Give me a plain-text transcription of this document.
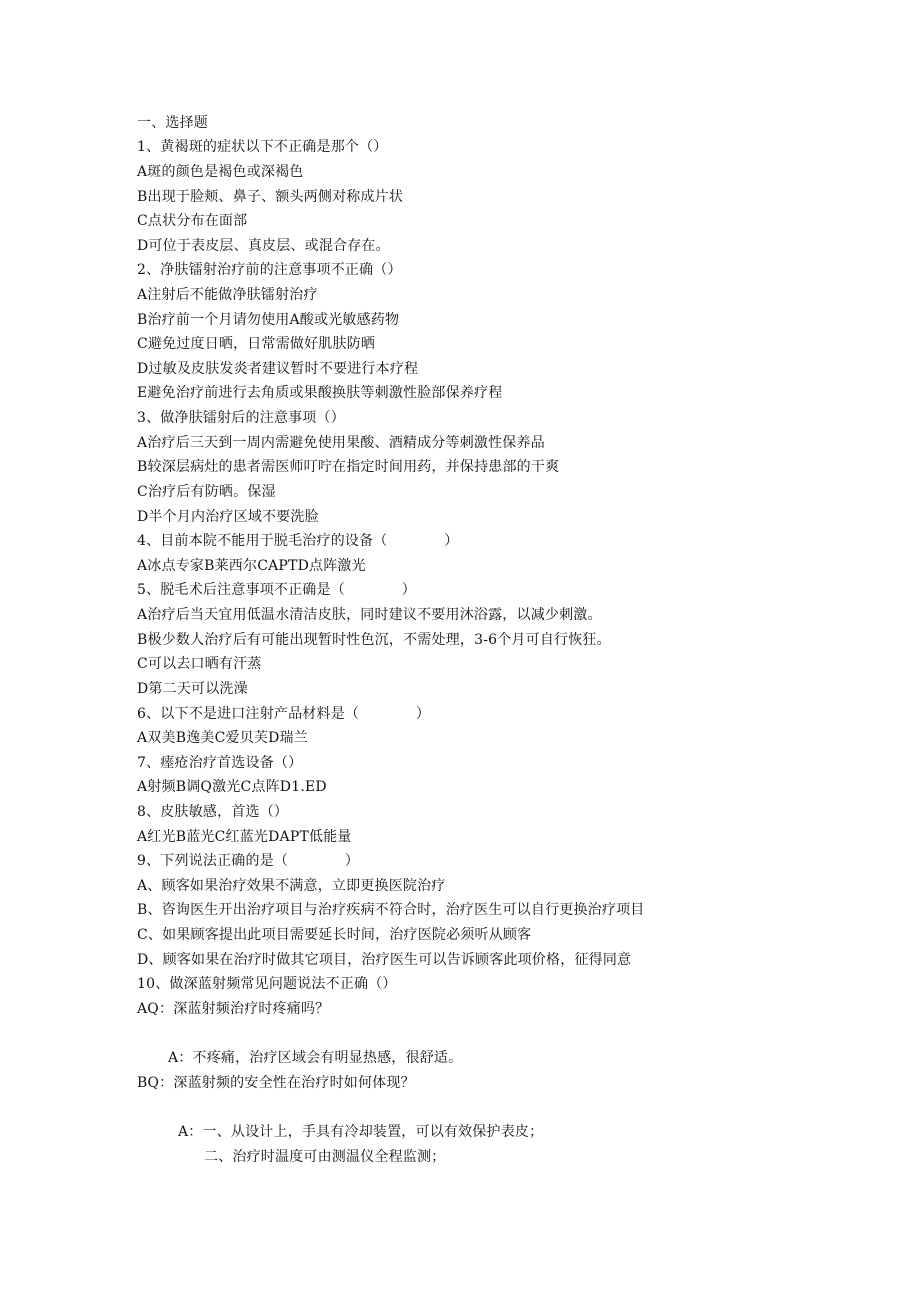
一、选择题
1、黄褐斑的症状以下不正确是那个（）
A斑的颜色是褐色或深褐色
B出现于脸颊、鼻子、额头两侧对称成片状
C点状分布在面部
D可位于表皮层、真皮层、或混合存在。
2、净肤镭射治疗前的注意事项不正确（）
A注射后不能做净肤镭射治疗
B治疗前一个月请勿使用A酸或光敏感药物
C避免过度日晒，日常需做好肌肤防晒
D过敏及皮肤发炎者建议暂时不要进行本疗程
E避免治疗前进行去角质或果酸换肤等刺激性脸部保养疗程
3、做净肤镭射后的注意事项（）
A治疗后三天到一周内需避免使用果酸、酒精成分等刺激性保养品
B较深层病灶的患者需医师叮咛在指定时间用药，并保持患部的干爽
C治疗后有防晒。保湿
D半个月内治疗区域不要洗脸
4、目前本院不能用于脱毛治疗的设备（　　　　）
A冰点专家B莱西尔CAPTD点阵激光
5、脱毛术后注意事项不正确是（　　　　）
A治疗后当天宜用低温水清洁皮肤，同时建议不要用沐浴露，以减少刺激。
B极少数人治疗后有可能出现暂时性色沉，不需处理，3-6个月可自行恢狂。
C可以去口晒有汗蒸
D第二天可以洗澡
6、以下不是进口注射产品材料是（　　　　）
A双美B逸美C爱贝芙D瑞兰
7、瘗疮治疗首选设备（）
A射频B调Q激光C点阵D1.ED
8、皮肤敏感，首选（）
A红光B蓝光C红蓝光DAPT低能量
9、下列说法正确的是（　　　　）
A、顾客如果治疗效果不满意，立即更换医院治疗
B、咨询医生开出治疗项目与治疗疾病不符合时，治疗医生可以自行更换治疗项目
C、如果顾客提出此项目需要延长时间，治疗医院必须听从顾客
D、顾客如果在治疗时做其它项目，治疗医生可以告诉顾客此项价格，征得同意
10、做深蓝射频常见问题说法不正确（）
AQ：深蓝射频治疗时疼痛吗？
A：不疼痛，治疗区域会有明显热感，很舒适。
BQ：深蓝射频的安全性在治疗时如何体现？
A：一、从设计上，手具有冷却装置，可以有效保护表皮；
二、治疗时温度可由测温仪全程监测；
